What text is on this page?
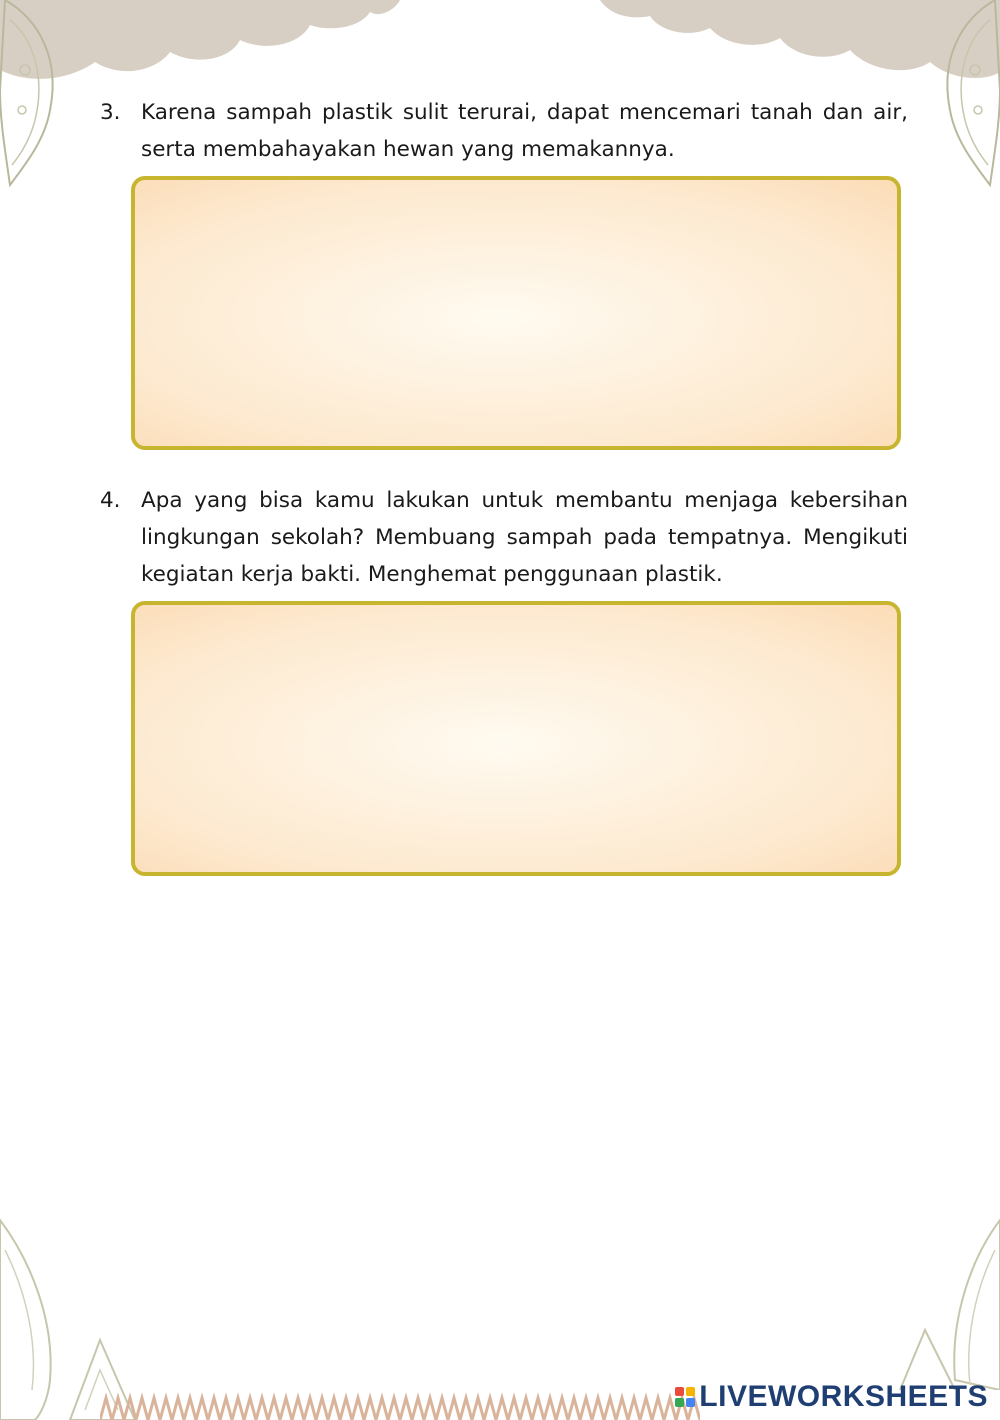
3. Karena sampah plastik sulit terurai, dapat mencemari tanah dan air, serta membahayakan hewan yang memakannya.
4. Apa yang bisa kamu lakukan untuk membantu menjaga kebersihan lingkungan sekolah? Membuang sampah pada tempatnya. Mengikuti kegiatan kerja bakti. Menghemat penggunaan plastik.
LIVEWORKSHEETS
